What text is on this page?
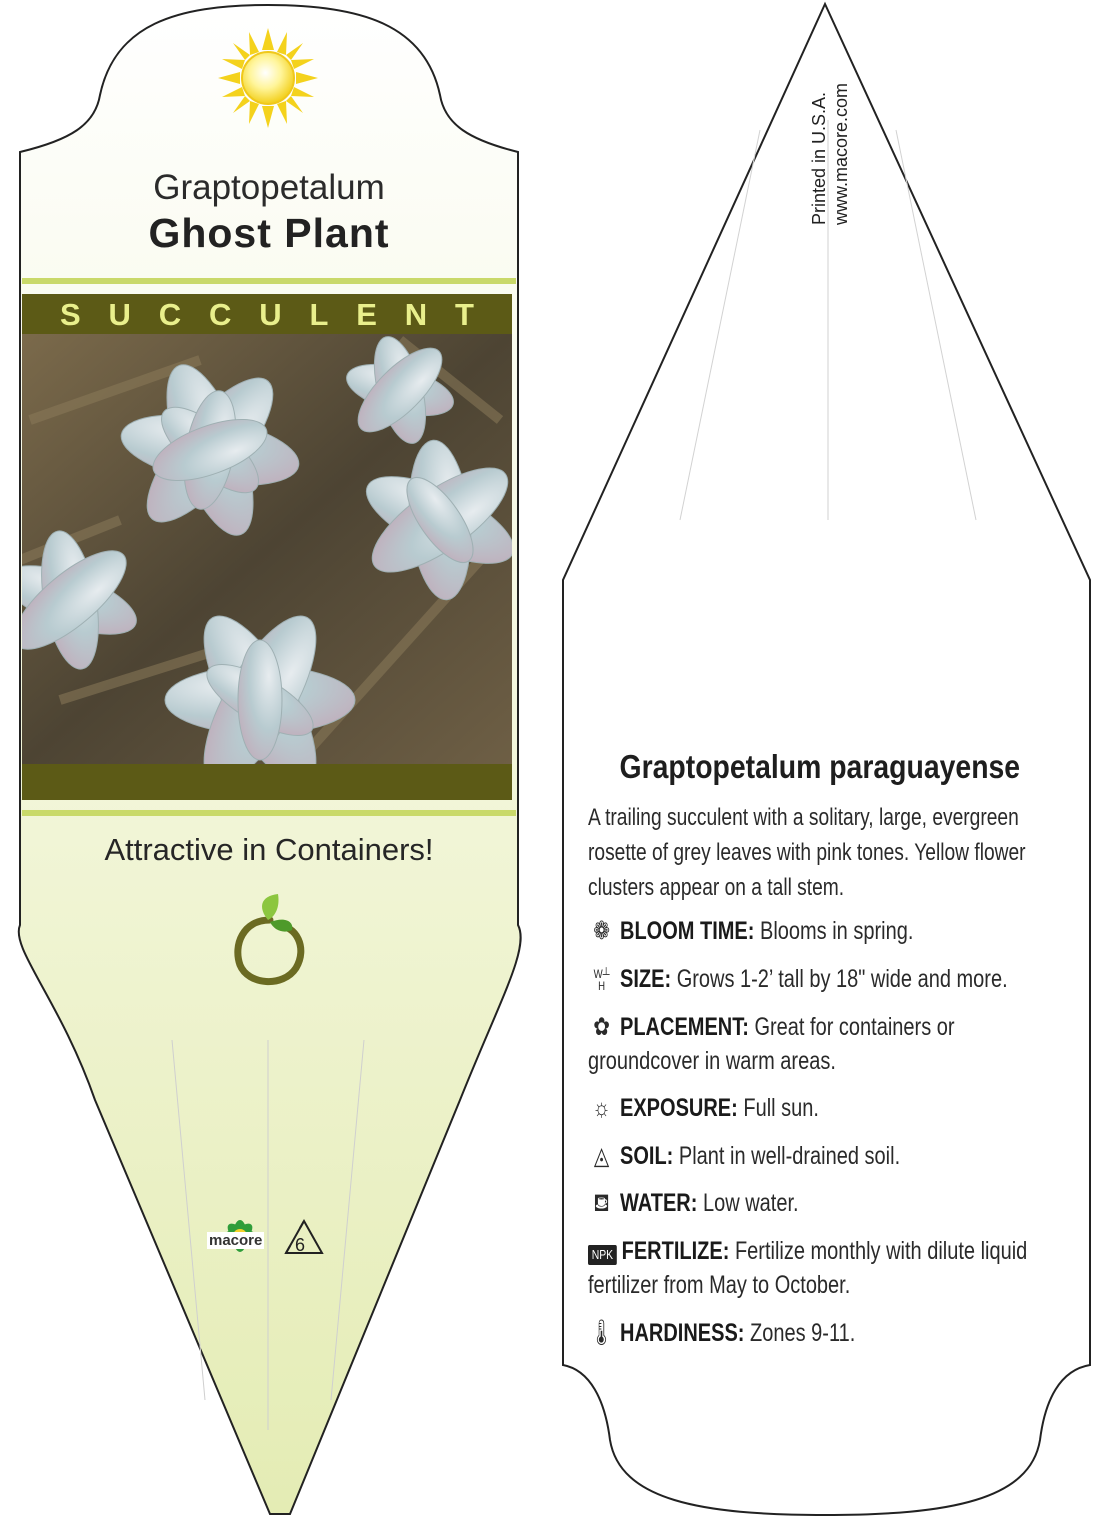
Graptopetalum
Ghost Plant
S U C C U L E N T
Attractive in Containers!
macore 6
Printed in U.S.A. www.macore.com
Graptopetalum paraguayense
A trailing succulent with a solitary, large, evergreen rosette of grey leaves with pink tones. Yellow flower clusters appear on a tall stem.
❁ BLOOM TIME: Blooms in spring.
W┴
H SIZE: Grows 1-2’ tall by 18" wide and more.
✿ PLACEMENT: Great for containers or groundcover in warm areas.
☼ EXPOSURE: Full sun.
◬ SOIL: Plant in well-drained soil.
⛾ WATER: Low water.
NPK FERTILIZE: Fertilize monthly with dilute liquid fertilizer from May to October.
🌡 HARDINESS: Zones 9-11.
